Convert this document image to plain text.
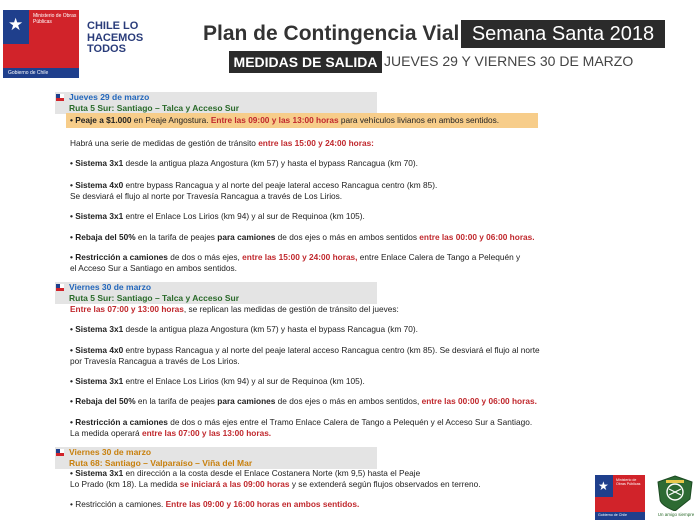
★ Ministerio de Obras Públicas
Gobierno de Chile
CHILE LO
HACEMOS
TODOS
Plan de Contingencia Vial Semana Santa 2018
MEDIDAS DE SALIDA JUEVES 29 Y VIERNES 30 DE MARZO
Jueves 29 de marzo
Ruta 5 Sur: Santiago – Talca y Acceso Sur
• Peaje a $1.000 en Peaje Angostura. Entre las 09:00 y las 13:00 horas para vehículos livianos en ambos sentidos.
Habrá una serie de medidas de gestión de tránsito entre las 15:00 y 24:00 horas:
• Sistema 3x1 desde la antigua plaza Angostura (km 57) y hasta el bypass Rancagua (km 70).
• Sistema 4x0 entre bypass Rancagua y al norte del peaje lateral acceso Rancagua centro (km 85).
Se desviará el flujo al norte por Travesía Rancagua a través de Los Lirios.
• Sistema 3x1 entre el Enlace Los Lirios (km 94) y al sur de Requinoa (km 105).
• Rebaja del 50% en la tarifa de peajes para camiones de dos ejes o más en ambos sentidos entre las 00:00 y 06:00 horas.
• Restricción a camiones de dos o más ejes, entre las 15:00 y 24:00 horas, entre Enlace Calera de Tango a Pelequén y
el Acceso Sur a Santiago en ambos sentidos.
Viernes 30 de marzo
Ruta 5 Sur: Santiago – Talca y Acceso Sur
Entre las 07:00 y 13:00 horas, se replican las medidas de gestión de tránsito del jueves:
• Sistema 3x1 desde la antigua plaza Angostura (km 57) y hasta el bypass Rancagua (km 70).
• Sistema 4x0 entre bypass Rancagua y al norte del peaje lateral acceso Rancagua centro (km 85). Se desviará el flujo al norte
por Travesía Rancagua a través de Los Lirios.
• Sistema 3x1 entre el Enlace Los Lirios (km 94) y al sur de Requinoa (km 105).
• Rebaja del 50% en la tarifa de peajes para camiones de dos ejes o más en ambos sentidos, entre las 00:00 y 06:00 horas.
• Restricción a camiones de dos o más ejes entre el Tramo Enlace Calera de Tango a Pelequén y el Acceso Sur a Santiago.
La medida operará entre las 07:00 y las 13:00 horas.
Viernes 30 de marzo
Ruta 68: Santiago – Valparaíso – Viña del Mar
• Sistema 3x1 en dirección a la costa desde el Enlace Costanera Norte (km 9,5) hasta el Peaje
Lo Prado (km 18). La medida se iniciará a las 09:00 horas y se extenderá según flujos observados en terreno.
• Restricción a camiones. Entre las 09:00 y 16:00 horas en ambos sentidos.
★ Ministerio de Obras Públicas
Gobierno de Chile	Un amigo siempre
